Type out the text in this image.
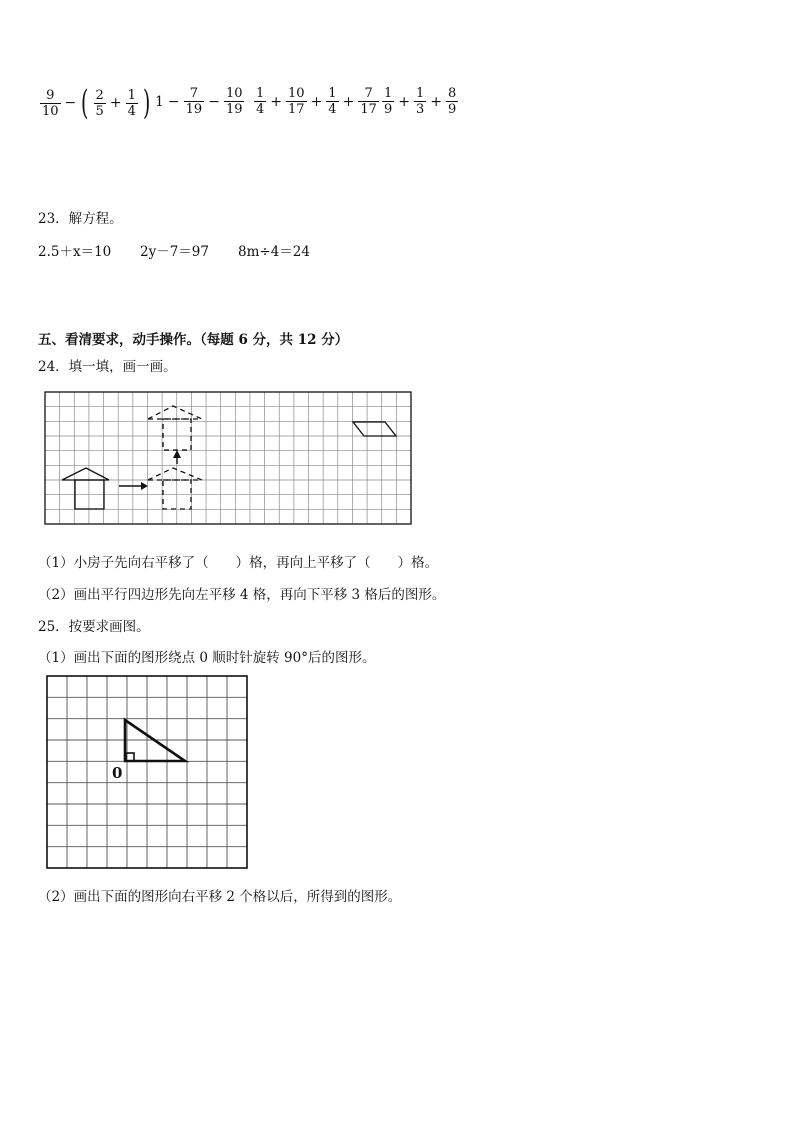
$\frac{9}{10}$ − ( $\frac{2}{5} + \frac{1}{4}$ ) $1 - \frac{7}{19} - \frac{10}{19} \frac{1}{4} + \frac{10}{17} + \frac{1}{4} + \frac{7}{17} \frac{1}{9} + \frac{1}{3} + \frac{8}{9}$
23．解方程。
2.5＋x＝10 2y－7＝97 8m÷4＝24
五、看清要求，动手操作。（每题 6 分，共 12 分）
24．填一填，画一画。
（1）小房子先向右平移了（　　）格，再向上平移了（　　）格。
（2）画出平行四边形先向左平移 4 格，再向下平移 3 格后的图形。
25．按要求画图。
（1）画出下面的图形绕点 0 顺时针旋转 90°后的图形。
0
（2）画出下面的图形向右平移 2 个格以后，所得到的图形。
